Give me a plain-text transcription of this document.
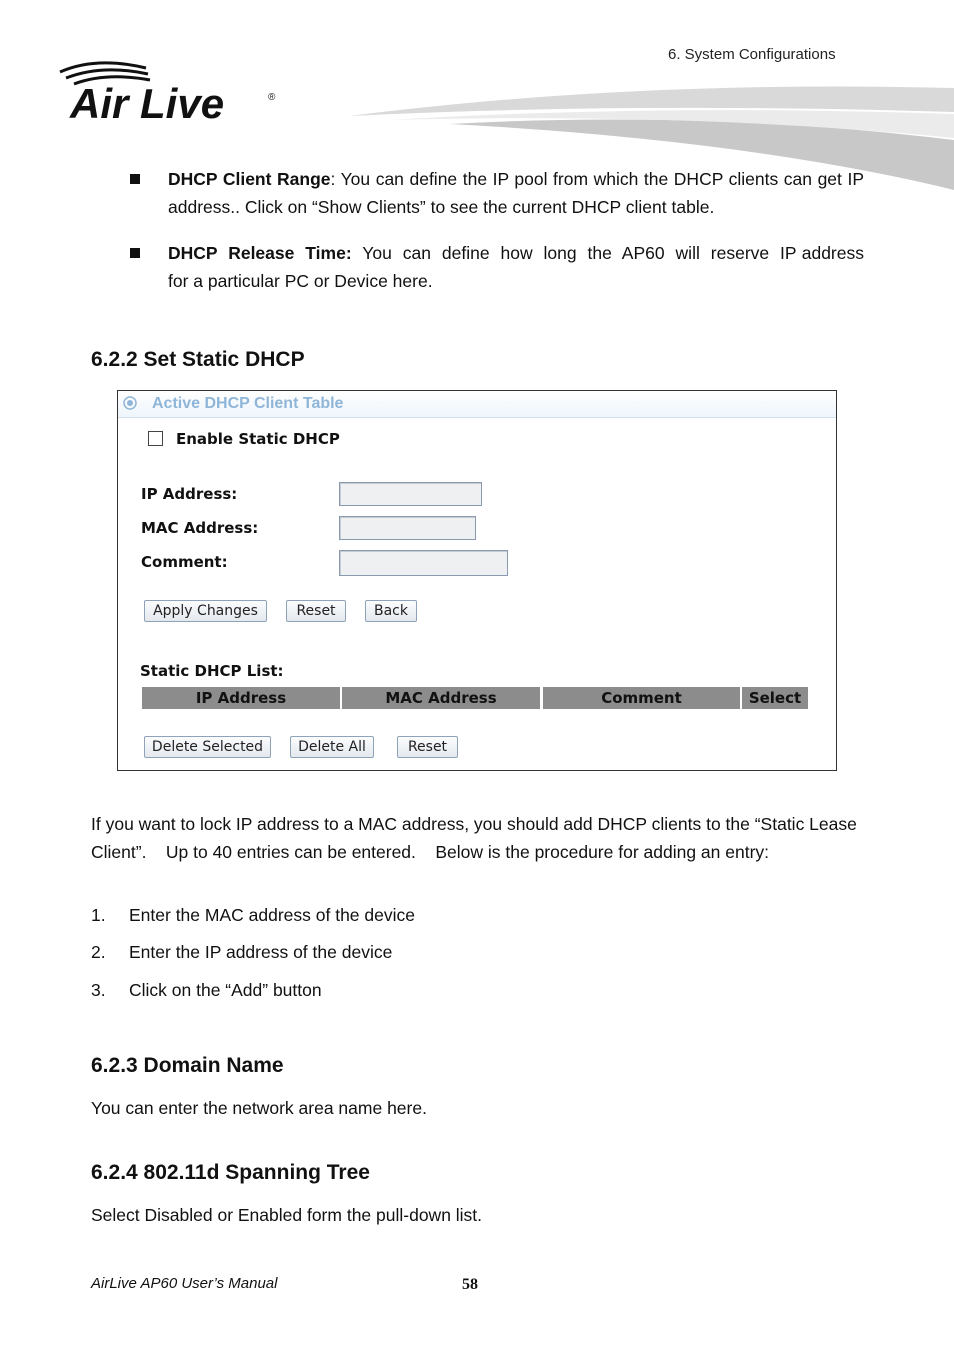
6. System Configurations
Air Live	®
DHCP Client Range: You can define the IP pool from which the DHCP clients can get IP address.. Click on “Show Clients” to see the current DHCP client table.
DHCP  Release  Time:  You  can  define  how  long  the  AP60  will  reserve  IP address for a particular PC or Device here.
6.2.2 Set Static DHCP
Active DHCP Client Table
Enable Static DHCP
IP Address:
MAC Address:
Comment:
Apply Changes	Reset	Back
Static DHCP List:
IP Address	MAC Address	Comment	Select
Delete Selected	Delete All	Reset
If you want to lock IP address to a MAC address, you should add DHCP clients to the “Static Lease Client”.    Up to 40 entries can be entered.    Below is the procedure for adding an entry:
1. Enter the MAC address of the device
2. Enter the IP address of the device
3. Click on the “Add” button
6.2.3 Domain Name
You can enter the network area name here.
6.2.4 802.11d Spanning Tree
Select Disabled or Enabled form the pull-down list.
AirLive AP60 User’s Manual	58
